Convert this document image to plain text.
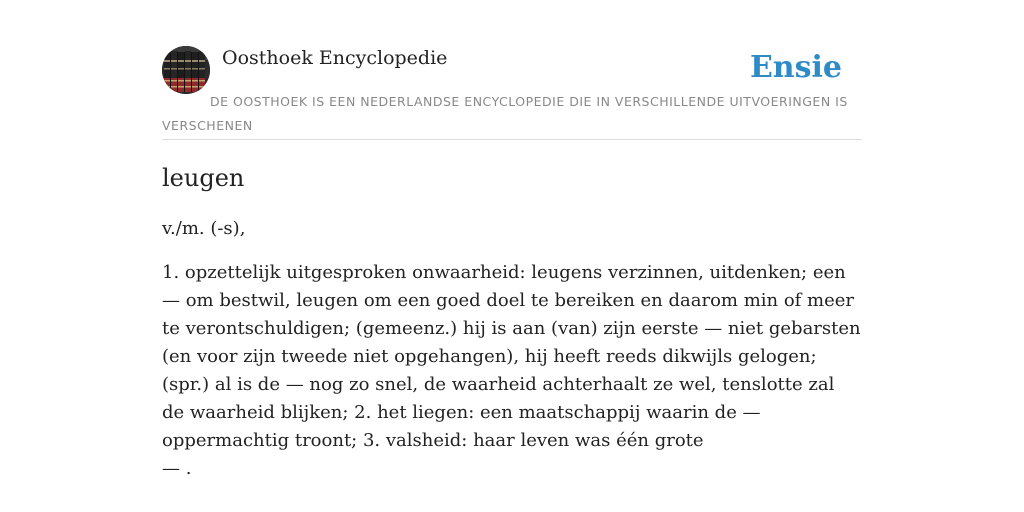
Oosthoek Encyclopedie	Ensie
DE OOSTHOEK IS EEN NEDERLANDSE ENCYCLOPEDIE DIE IN VERSCHILLENDE UITVOERINGEN IS VERSCHENEN
leugen

v./m. (-s),

1. opzettelijk uitgesproken onwaarheid: leugens verzinnen, uitdenken; een — om bestwil, leugen om een goed doel te bereiken en daarom min of meer te verontschuldigen; (gemeenz.) hij is aan (van) zijn eerste — niet gebarsten (en voor zijn tweede niet opgehangen), hij heeft reeds dikwijls gelogen; (spr.) al is de — nog zo snel, de waarheid achterhaalt ze wel, tenslotte zal de waarheid blijken; 2. het liegen: een maatschappij waarin de — oppermachtig troont; 3. valsheid: haar leven was één grote
— .
